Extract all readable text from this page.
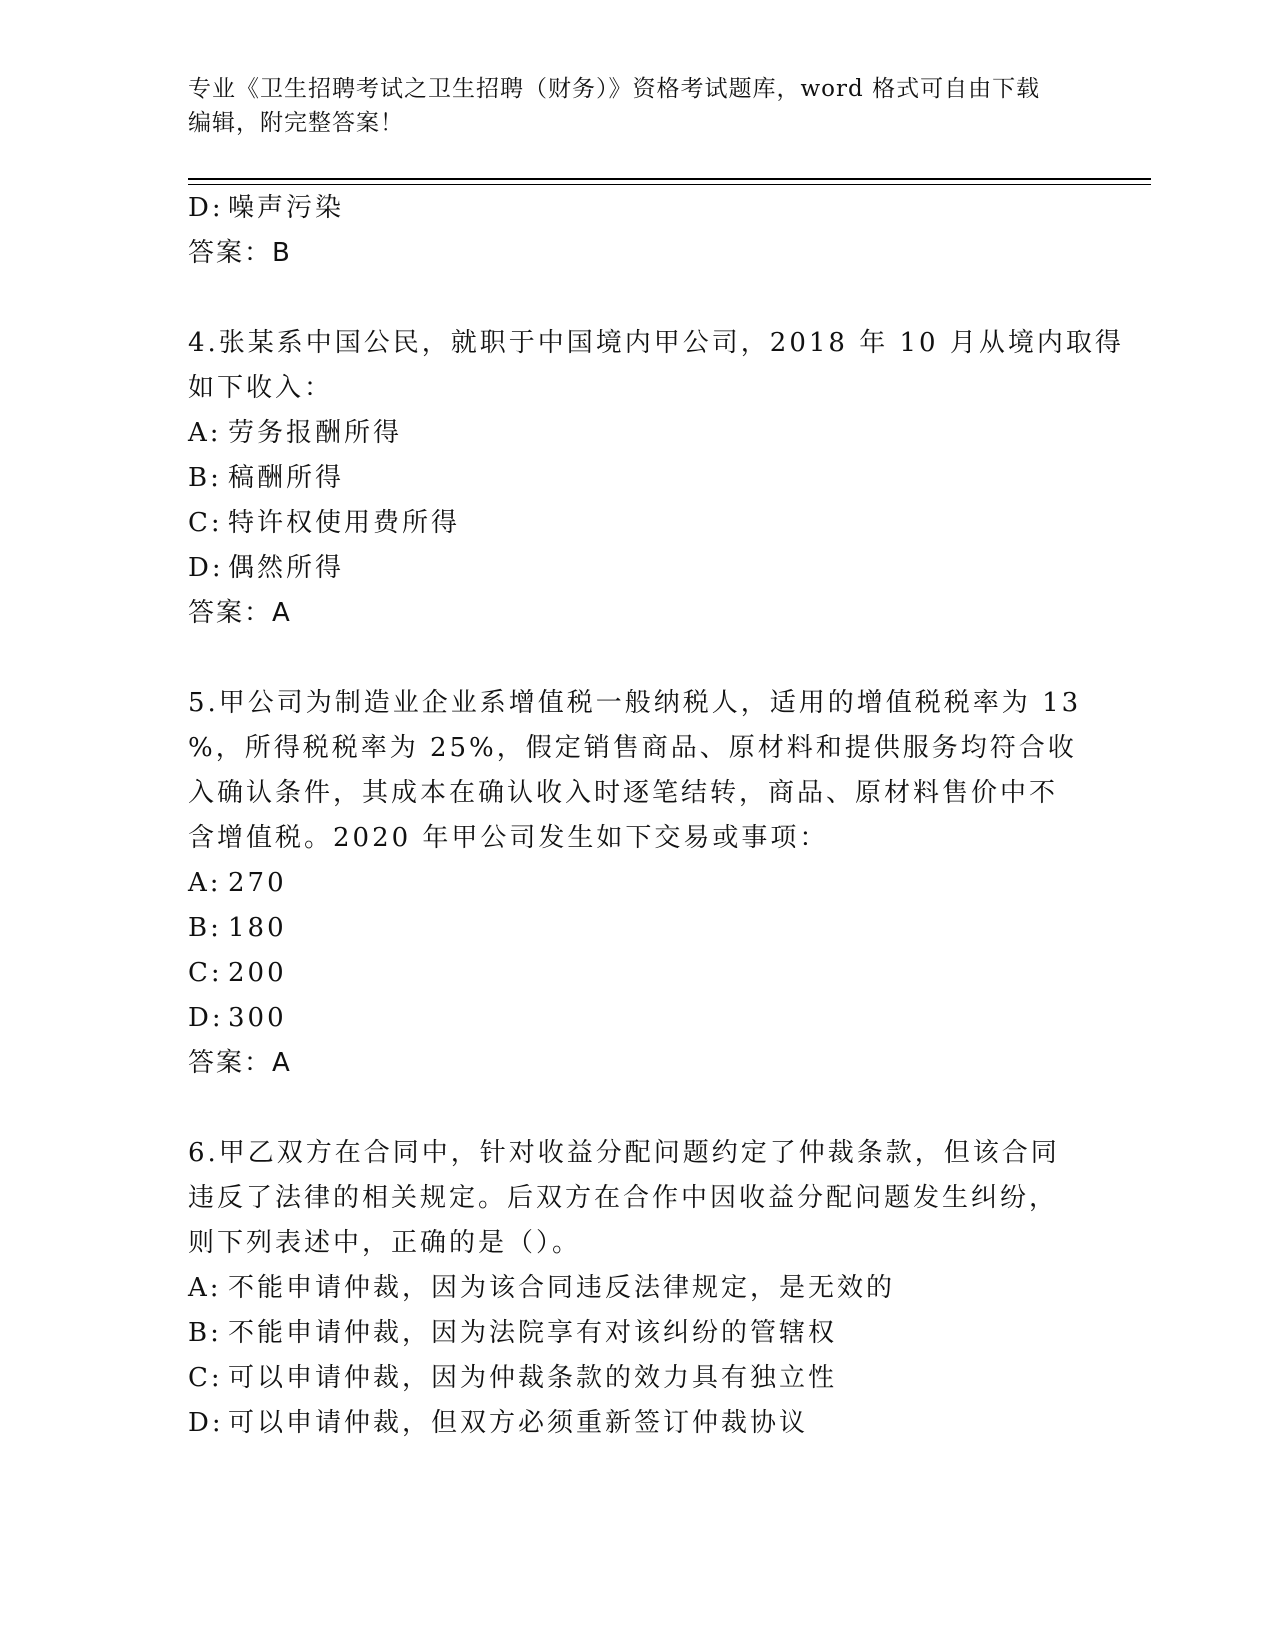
专业《卫生招聘考试之卫生招聘（财务）》资格考试题库，word 格式可自由下载
编辑，附完整答案！
D: 噪声污染
答案：B
4.张某系中国公民，就职于中国境内甲公司，2018 年 10 月从境内取得
如下收入：
A: 劳务报酬所得
B: 稿酬所得
C: 特许权使用费所得
D: 偶然所得
答案：A
5.甲公司为制造业企业系增值税一般纳税人，适用的增值税税率为 13
%，所得税税率为 25%，假定销售商品、原材料和提供服务均符合收
入确认条件，其成本在确认收入时逐笔结转，商品、原材料售价中不
含增值税。2020 年甲公司发生如下交易或事项：
A: 270
B: 180
C: 200
D: 300
答案：A
6.甲乙双方在合同中，针对收益分配问题约定了仲裁条款，但该合同
违反了法律的相关规定。后双方在合作中因收益分配问题发生纠纷，
则下列表述中，正确的是（）。
A: 不能申请仲裁，因为该合同违反法律规定，是无效的
B: 不能申请仲裁，因为法院享有对该纠纷的管辖权
C: 可以申请仲裁，因为仲裁条款的效力具有独立性
D: 可以申请仲裁，但双方必须重新签订仲裁协议
